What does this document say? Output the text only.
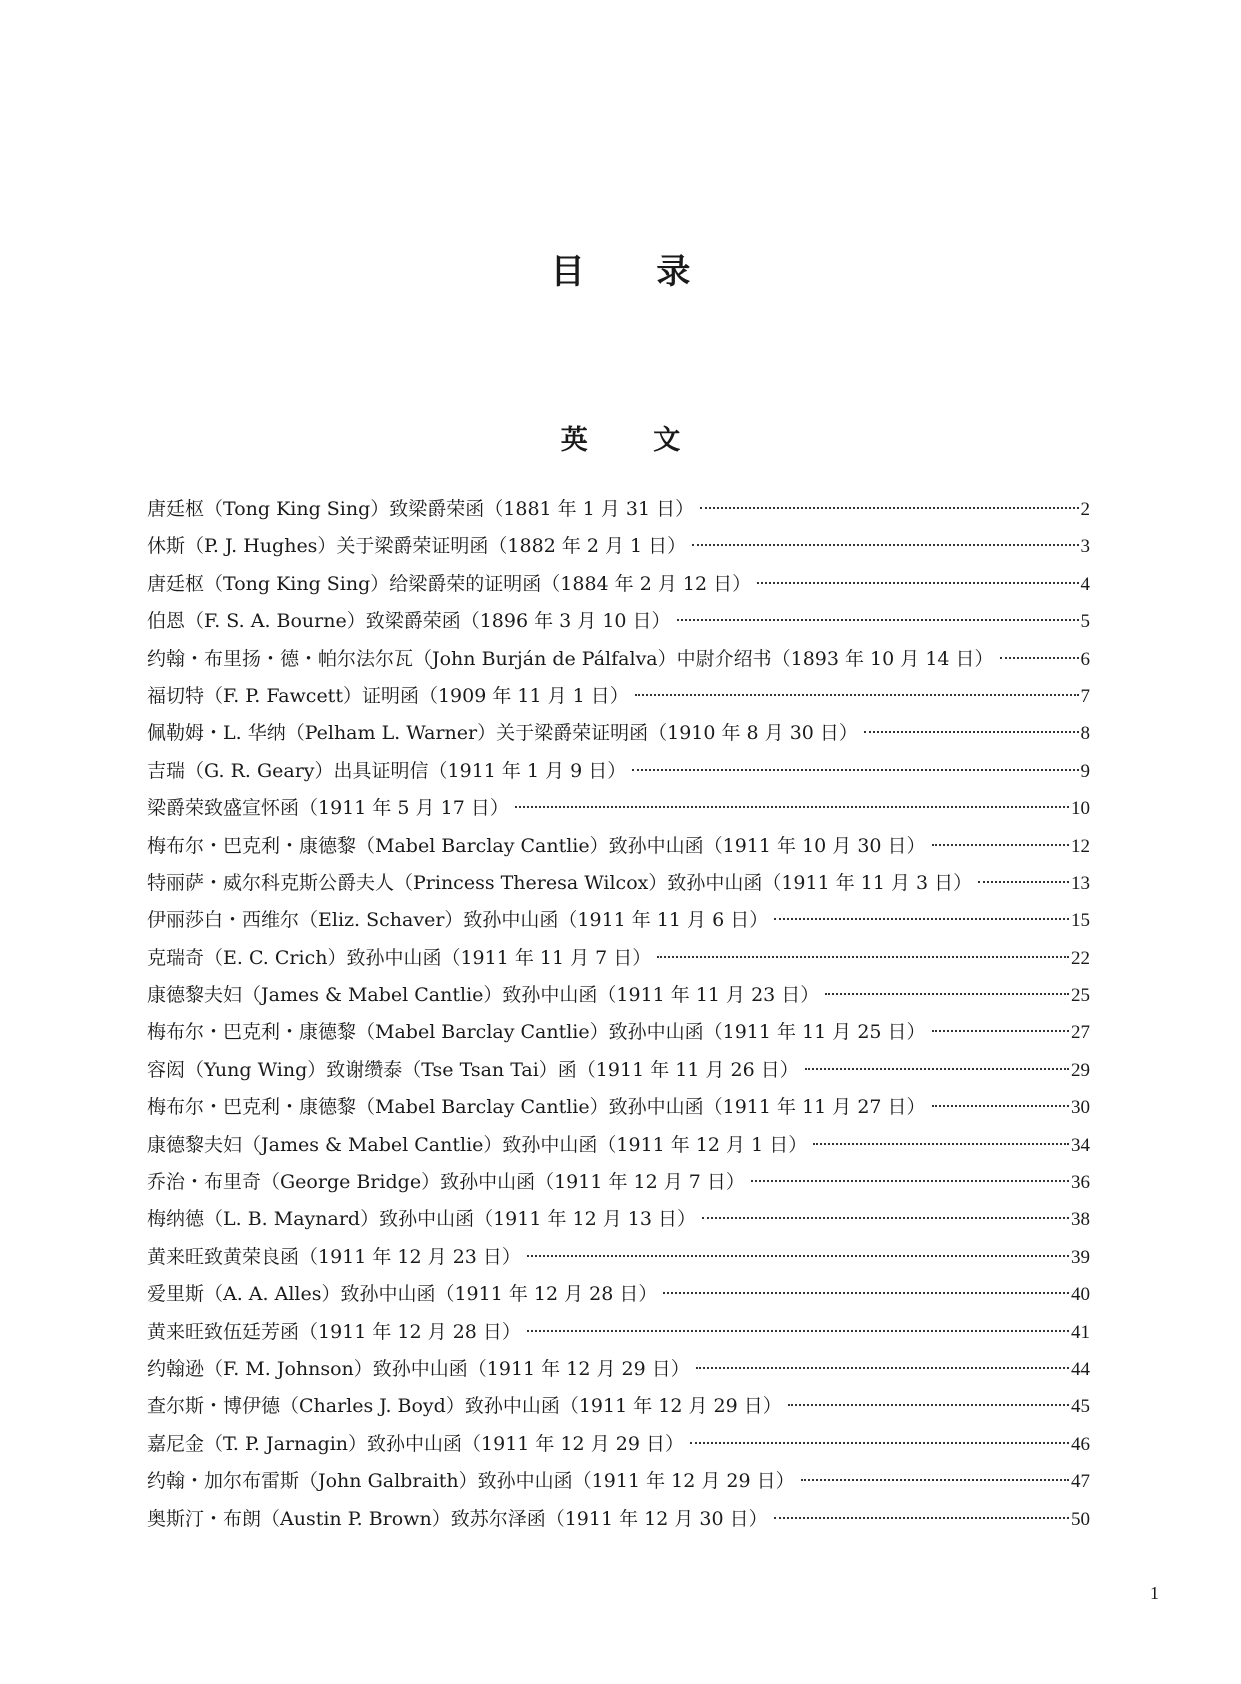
目 录
英 文
唐廷枢（Tong King Sing）致梁爵荣函（1881 年 1 月 31 日）	2
休斯（P. J. Hughes）关于梁爵荣证明函（1882 年 2 月 1 日）	3
唐廷枢（Tong King Sing）给梁爵荣的证明函（1884 年 2 月 12 日）	4
伯恩（F. S. A. Bourne）致梁爵荣函（1896 年 3 月 10 日）	5
约翰・布里扬・德・帕尔法尔瓦（John Burján de Pálfalva）中尉介绍书（1893 年 10 月 14 日）	6
福切特（F. P. Fawcett）证明函（1909 年 11 月 1 日）	7
佩勒姆・L. 华纳（Pelham L. Warner）关于梁爵荣证明函（1910 年 8 月 30 日）	8
吉瑞（G. R. Geary）出具证明信（1911 年 1 月 9 日）	9
梁爵荣致盛宣怀函（1911 年 5 月 17 日）	10
梅布尔・巴克利・康德黎（Mabel Barclay Cantlie）致孙中山函（1911 年 10 月 30 日）	12
特丽萨・威尔科克斯公爵夫人（Princess Theresa Wilcox）致孙中山函（1911 年 11 月 3 日）	13
伊丽莎白・西维尔（Eliz. Schaver）致孙中山函（1911 年 11 月 6 日）	15
克瑞奇（E. C. Crich）致孙中山函（1911 年 11 月 7 日）	22
康德黎夫妇（James & Mabel Cantlie）致孙中山函（1911 年 11 月 23 日）	25
梅布尔・巴克利・康德黎（Mabel Barclay Cantlie）致孙中山函（1911 年 11 月 25 日）	27
容闳（Yung Wing）致谢缵泰（Tse Tsan Tai）函（1911 年 11 月 26 日）	29
梅布尔・巴克利・康德黎（Mabel Barclay Cantlie）致孙中山函（1911 年 11 月 27 日）	30
康德黎夫妇（James & Mabel Cantlie）致孙中山函（1911 年 12 月 1 日）	34
乔治・布里奇（George Bridge）致孙中山函（1911 年 12 月 7 日）	36
梅纳德（L. B. Maynard）致孙中山函（1911 年 12 月 13 日）	38
黄来旺致黄荣良函（1911 年 12 月 23 日）	39
爱里斯（A. A. Alles）致孙中山函（1911 年 12 月 28 日）	40
黄来旺致伍廷芳函（1911 年 12 月 28 日）	41
约翰逊（F. M. Johnson）致孙中山函（1911 年 12 月 29 日）	44
查尔斯・博伊德（Charles J. Boyd）致孙中山函（1911 年 12 月 29 日）	45
嘉尼金（T. P. Jarnagin）致孙中山函（1911 年 12 月 29 日）	46
约翰・加尔布雷斯（John Galbraith）致孙中山函（1911 年 12 月 29 日）	47
奥斯汀・布朗（Austin P. Brown）致苏尔泽函（1911 年 12 月 30 日）	50
1
